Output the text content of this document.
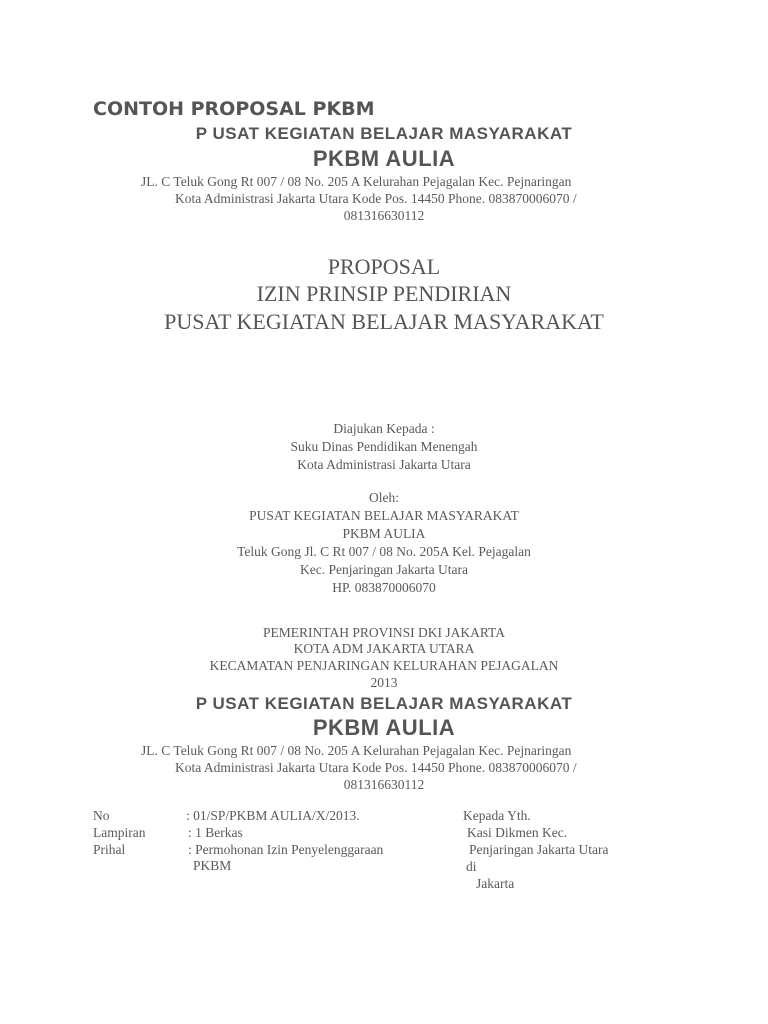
CONTOH PROPOSAL PKBM
P USAT KEGIATAN BELAJAR MASYARAKAT
PKBM AULIA
JL. C Teluk Gong Rt 007 / 08 No. 205 A Kelurahan Pejagalan Kec. Pejnaringan
Kota Administrasi Jakarta Utara Kode Pos. 14450 Phone. 083870006070 /
081316630112
PROPOSAL
IZIN PRINSIP PENDIRIAN
PUSAT KEGIATAN BELAJAR MASYARAKAT
Diajukan Kepada :
Suku Dinas Pendidikan Menengah
Kota Administrasi Jakarta Utara
Oleh:
PUSAT KEGIATAN BELAJAR MASYARAKAT
PKBM AULIA
Teluk Gong Jl. C Rt 007 / 08 No. 205A Kel. Pejagalan
Kec. Penjaringan Jakarta Utara
HP. 083870006070
PEMERINTAH PROVINSI DKI JAKARTA
KOTA ADM JAKARTA UTARA
KECAMATAN PENJARINGAN KELURAHAN PEJAGALAN
2013
P USAT KEGIATAN BELAJAR MASYARAKAT
PKBM AULIA
JL. C Teluk Gong Rt 007 / 08 No. 205 A Kelurahan Pejagalan Kec. Pejnaringan
Kota Administrasi Jakarta Utara Kode Pos. 14450 Phone. 083870006070 /
081316630112
No	: 01/SP/PKBM AULIA/X/2013.
Lampiran	: 1 Berkas
Prihal	: Permohonan Izin Penyelenggaraan
PKBM
Kepada Yth.
Kasi Dikmen Kec.
Penjaringan Jakarta Utara
di
Jakarta
